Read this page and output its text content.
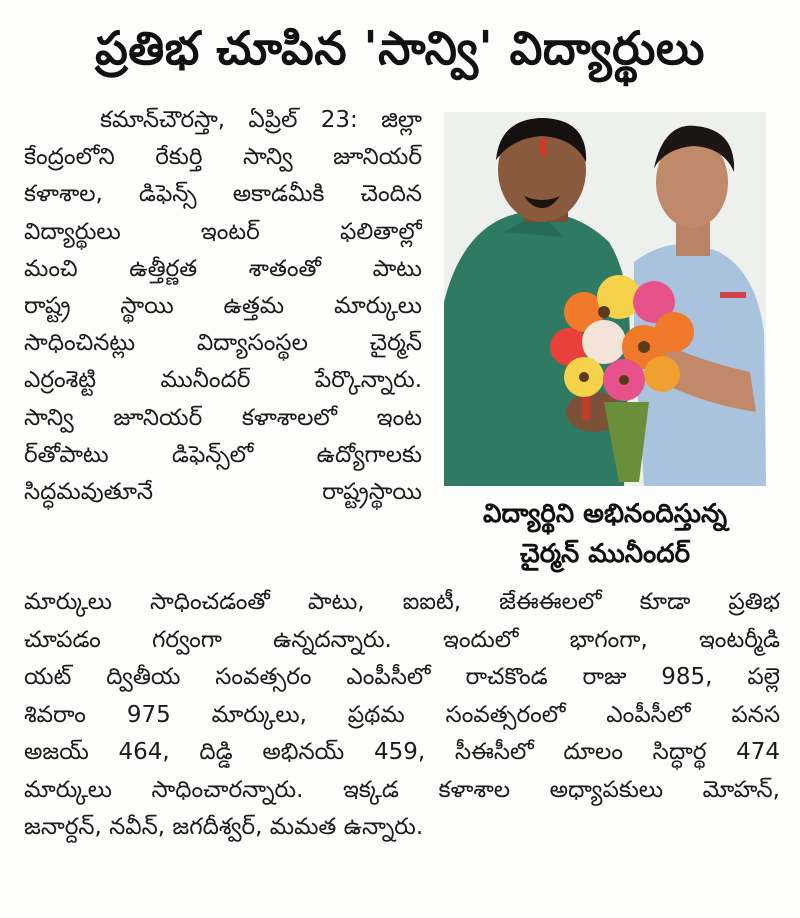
ప్రతిభ చూపిన 'సాన్వి' విద్యార్థులు
కమాన్‌చౌరస్తా, ఏప్రిల్ 23: జిల్లా
కేంద్రంలోని రేకుర్తి సాన్వి జూనియర్
కళాశాల, డిఫెన్స్ అకాడమీకి చెందిన
విద్యార్థులు ఇంటర్ ఫలితాల్లో
మంచి ఉత్తీర్ణత శాతంతో పాటు
రాష్ట్ర స్థాయి ఉత్తమ మార్కులు
సాధించినట్లు విద్యాసంస్థల చైర్మన్
ఎర్రంశెట్టి మునీందర్ పేర్కొన్నారు.
సాన్వి జూనియర్ కళాశాలలో ఇంట
ర్‌తోపాటు డిఫెన్స్‌లో ఉద్యోగాలకు
సిద్ధమవుతూనే రాష్ట్రస్థాయి
విద్యార్థిని అభినందిస్తున్న
చైర్మన్ మునీందర్
మార్కులు సాధించడంతో పాటు, ఐఐటీ, జేఈఈలలో కూడా ప్రతిభ
చూపడం గర్వంగా ఉన్నదన్నారు. ఇందులో భాగంగా, ఇంటర్మీడి
యట్ ద్వితీయ సంవత్సరం ఎంపీసీలో రాచకొండ రాజు 985, పల్లె
శివరాం 975 మార్కులు, ప్రథమ సంవత్సరంలో ఎంపీసీలో పనస
అజయ్ 464, దిడ్డి అభినయ్ 459, సీఈసీలో దూలం సిద్ధార్థ 474
మార్కులు సాధించారన్నారు. ఇక్కడ కళాశాల అధ్యాపకులు మోహన్,
జనార్దన్, నవీన్, జగదీశ్వర్, మమత ఉన్నారు.
